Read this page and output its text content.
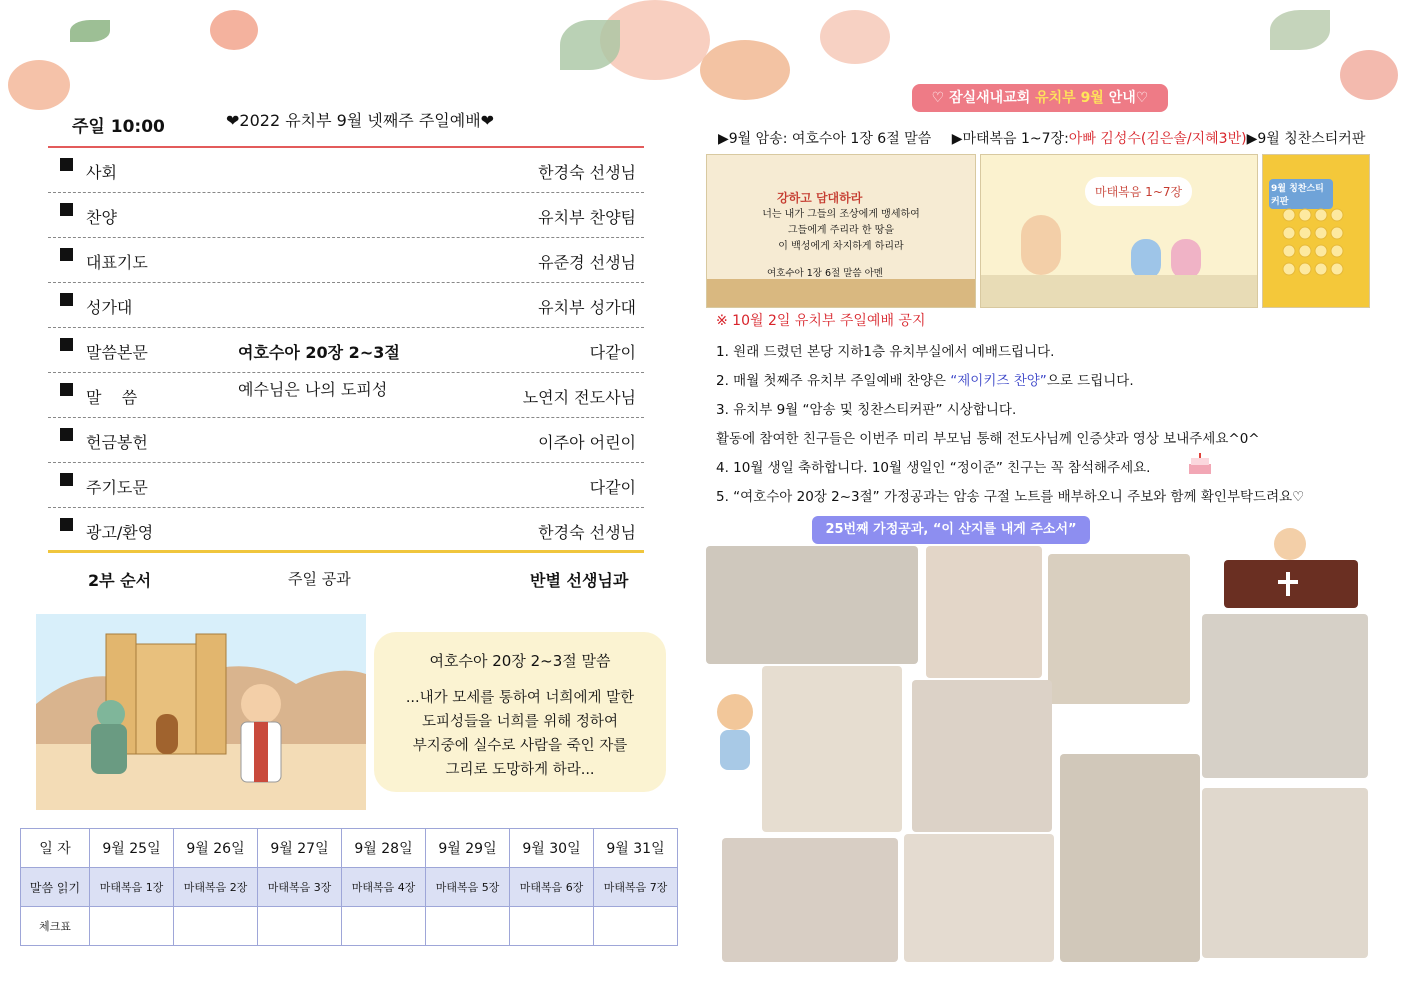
주일 10:00	❤2022 유치부 9월 넷째주 주일예배❤
사회	한경숙 선생님
찬양	유치부 찬양팀
대표기도	유준경 선생님
성가대	유치부 성가대
말씀본문	여호수아 20장 2~3절	다같이
말    씀	예수님은 나의 도피성	노연지 전도사님
헌금봉헌	이주아 어린이
주기도문	다같이
광고/환영	한경숙 선생님
2부 순서	주일 공과	반별 선생님과
여호수아 20장 2~3절 말씀
...내가 모세를 통하여 너희에게 말한
도피성들을 너희를 위해 정하여
부지중에 실수로 사람을 죽인 자를
그리로 도망하게 하라...
일 자	9월 25일	9월 26일	9월 27일	9월 28일	9월 29일	9월 30일	9월 31일
말씀 읽기	마태복음 1장	마태복음 2장	마태복음 3장	마태복음 4장	마태복음 5장	마태복음 6장	마태복음 7장
체크표							
♡ 잠실새내교회 유치부 9월 안내♡
▶9월 암송: 여호수아 1장 6절 말씀 ▶마태복음 1~7장:아빠 김성수(김은솔/지혜3반)▶9월 칭찬스티커판
강하고 담대하라
너는 내가 그들의 조상에게 맹세하여
그들에게 주리라 한 땅을
이 백성에게 차지하게 하리라
여호수아 1장 6절 말씀 아멘
마태복음 1~7장	9월 칭찬스티커판
※ 10월 2일 유치부 주일예배 공지
1. 원래 드렸던 본당 지하1층 유치부실에서 예배드립니다.
2. 매월 첫째주 유치부 주일예배 찬양은 “제이키즈 찬양”으로 드립니다.
3. 유치부 9월 “암송 및 칭찬스티커판” 시상합니다.
활동에 참여한 친구들은 이번주 미리 부모님 통해 전도사님께 인증샷과 영상 보내주세요^0^
4. 10월 생일 축하합니다. 10월 생일인 “정이준” 친구는 꼭 참석해주세요.
5. “여호수아 20장 2~3절” 가정공과는 암송 구절 노트를 배부하오니 주보와 함께 확인부탁드려요♡
25번째 가정공과, “이 산지를 내게 주소서”
